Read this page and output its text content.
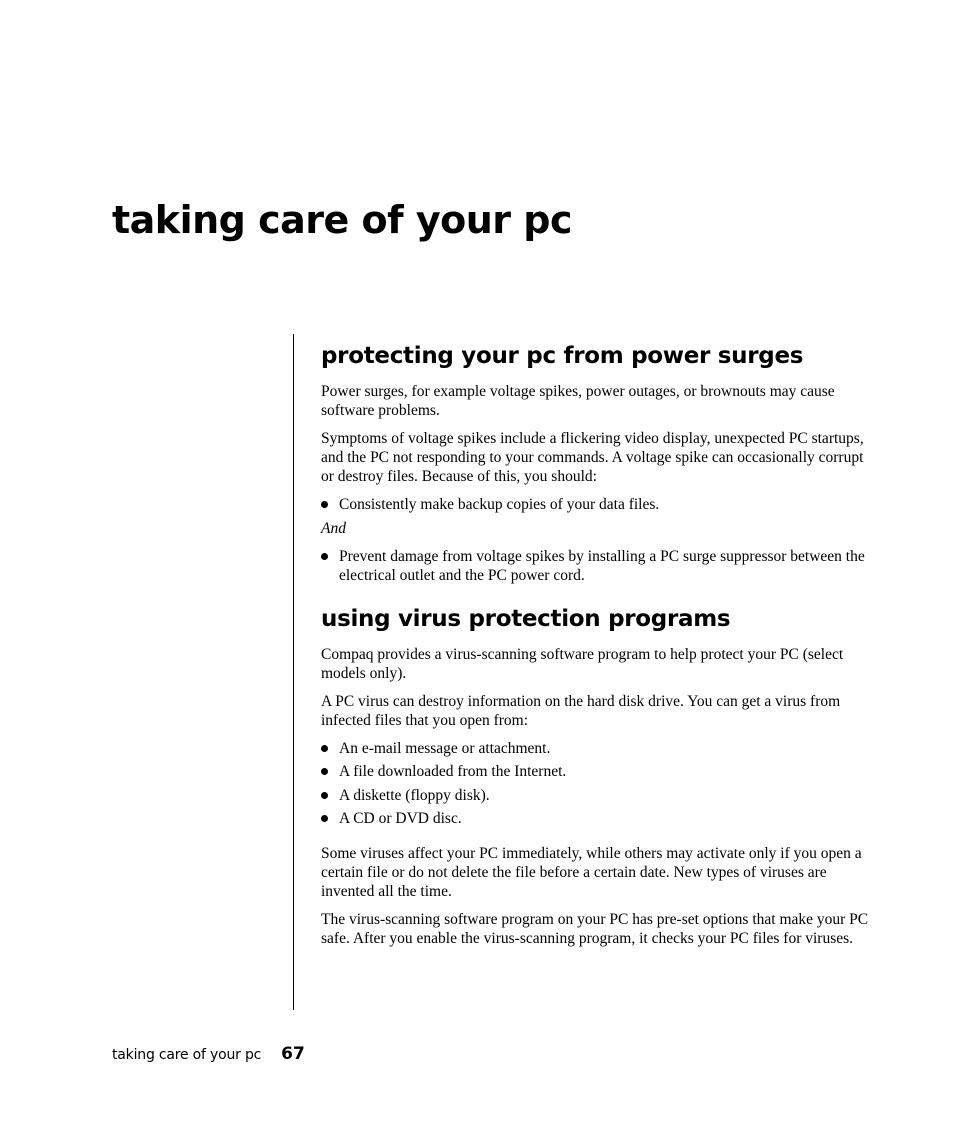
taking care of your pc
protecting your pc from power surges

Power surges, for example voltage spikes, power outages, or brownouts may cause software problems.

Symptoms of voltage spikes include a flickering video display, unexpected PC startups, and the PC not responding to your commands. A voltage spike can occasionally corrupt or destroy files. Because of this, you should:

Consistently make backup copies of your data files.

And

Prevent damage from voltage spikes by installing a PC surge suppressor between the electrical outlet and the PC power cord.
using virus protection programs

Compaq provides a virus-scanning software program to help protect your PC (select models only).

A PC virus can destroy information on the hard disk drive. You can get a virus from infected files that you open from:

An e-mail message or attachment.
A file downloaded from the Internet.
A diskette (floppy disk).
A CD or DVD disc.

Some viruses affect your PC immediately, while others may activate only if you open a certain file or do not delete the file before a certain date. New types of viruses are invented all the time.

The virus-scanning software program on your PC has pre-set options that make your PC safe. After you enable the virus-scanning program, it checks your PC files for viruses.

taking care of your pc 67
